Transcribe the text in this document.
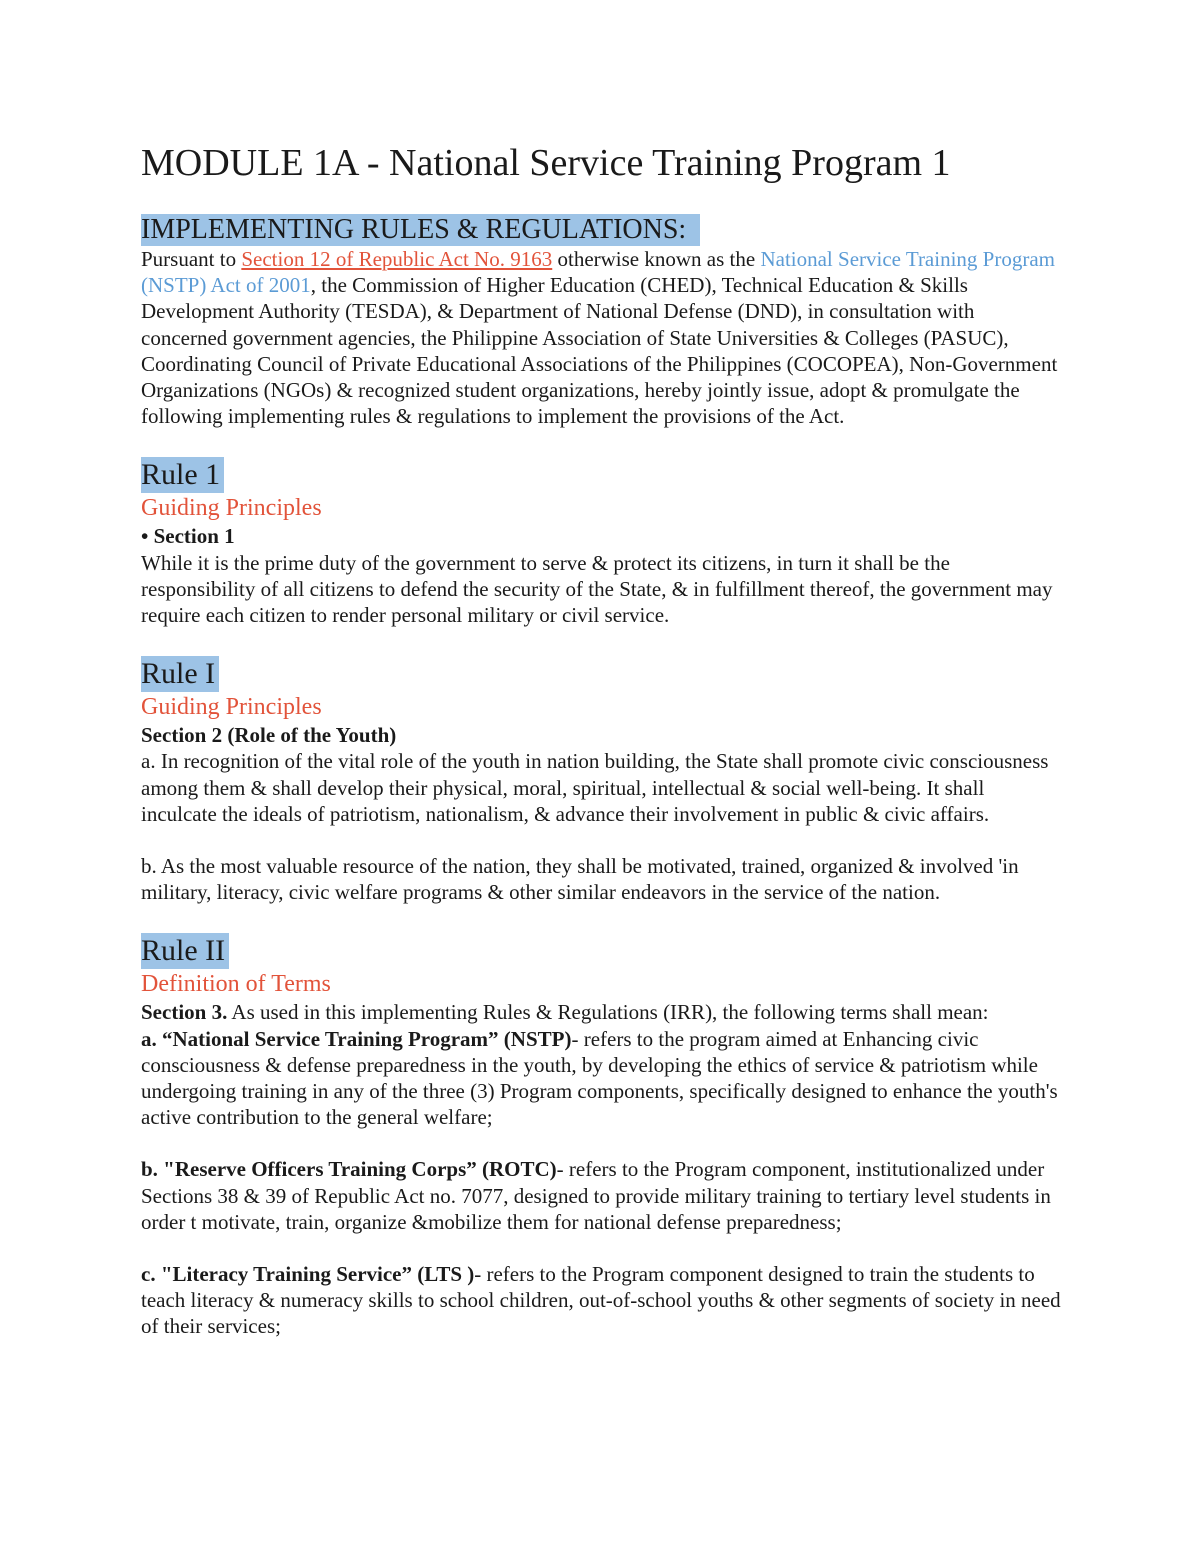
MODULE 1A - National Service Training Program 1
IMPLEMENTING RULES & REGULATIONS:

Pursuant to Section 12 of Republic Act No. 9163 otherwise known as the National Service Training Program (NSTP) Act of 2001, the Commission of Higher Education (CHED), Technical Education & Skills Development Authority (TESDA), & Department of National Defense (DND), in consultation with concerned government agencies, the Philippine Association of State Universities & Colleges (PASUC), Coordinating Council of Private Educational Associations of the Philippines (COCOPEA), Non-Government Organizations (NGOs) & recognized student organizations, hereby jointly issue, adopt & promulgate the following implementing rules & regulations to implement the provisions of the Act.

Rule 1
Guiding Principles

• Section 1

While it is the prime duty of the government to serve & protect its citizens, in turn it shall be the responsibility of all citizens to defend the security of the State, & in fulfillment thereof, the government may require each citizen to render personal military or civil service.

Rule I
Guiding Principles

Section 2 (Role of the Youth)

a. In recognition of the vital role of the youth in nation building, the State shall promote civic consciousness among them & shall develop their physical, moral, spiritual, intellectual & social well-being. It shall inculcate the ideals of patriotism, nationalism, & advance their involvement in public & civic affairs.

b. As the most valuable resource of the nation, they shall be motivated, trained, organized & involved 'in military, literacy, civic welfare programs & other similar endeavors in the service of the nation.

Rule II
Definition of Terms

Section 3. As used in this implementing Rules & Regulations (IRR), the following terms shall mean:

a. “National Service Training Program” (NSTP)- refers to the program aimed at Enhancing civic consciousness & defense preparedness in the youth, by developing the ethics of service & patriotism while undergoing training in any of the three (3) Program components, specifically designed to enhance the youth's active contribution to the general welfare;

b. "Reserve Officers Training Corps” (ROTC)- refers to the Program component, institutionalized under Sections 38 & 39 of Republic Act no. 7077, designed to provide military training to tertiary level students in order t motivate, train, organize &mobilize them for national defense preparedness;

c. "Literacy Training Service” (LTS )- refers to the Program component designed to train the students to teach literacy & numeracy skills to school children, out-of-school youths & other segments of society in need of their services;
